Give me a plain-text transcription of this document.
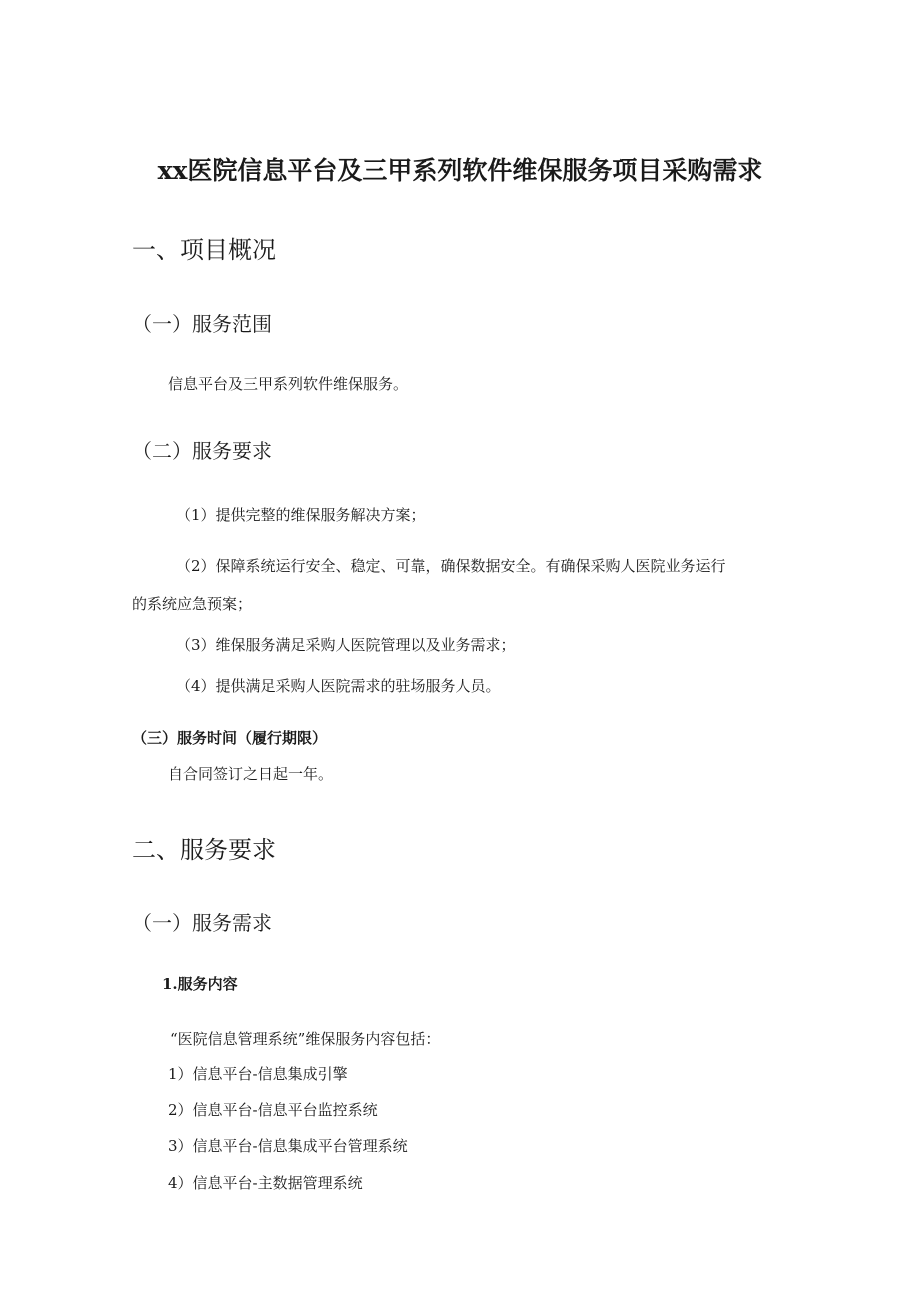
xx医院信息平台及三甲系列软件维保服务项目采购需求
一、项目概况
（一）服务范围
信息平台及三甲系列软件维保服务。
（二）服务要求
（1）提供完整的维保服务解决方案；
（2）保障系统运行安全、稳定、可靠，确保数据安全。有确保采购人医院业务运行
的系统应急预案；
（3）维保服务满足采购人医院管理以及业务需求；
（4）提供满足采购人医院需求的驻场服务人员。
（三）服务时间（履行期限）
自合同签订之日起一年。
二、服务要求
（一）服务需求
1.服务内容
“医院信息管理系统”维保服务内容包括：
1）信息平台-信息集成引擎
2）信息平台-信息平台监控系统
3）信息平台-信息集成平台管理系统
4）信息平台-主数据管理系统
